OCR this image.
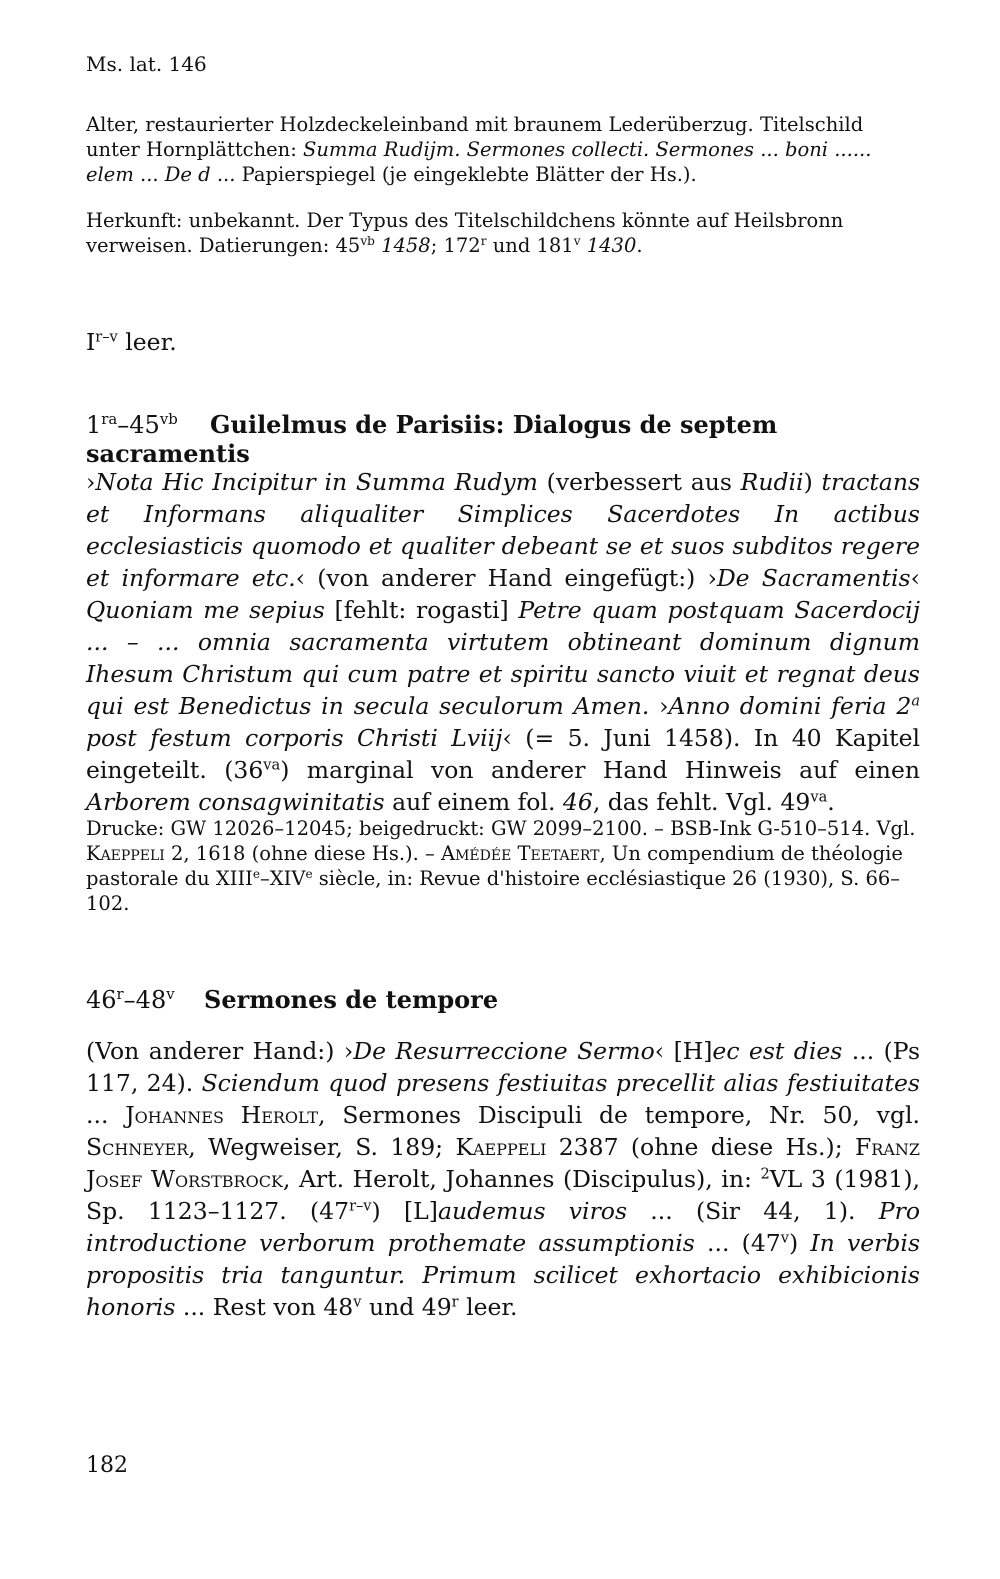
Ms. lat. 146

Alter, restaurierter Holzdeckeleinband mit braunem Lederüberzug. Titelschild unter Hornplättchen: Summa Rudijm. Sermones collecti. Sermones ... boni ...... elem ... De d ... Papierspiegel (je eingeklebte Blätter der Hs.).

Herkunft: unbekannt. Der Typus des Titelschildchens könnte auf Heilsbronn verweisen. Datierungen: $45^{vb}$ 1458; 172$^r$ und 181$^v$ 1430.

$I^{r-v}$ leer.
$1^{ra}-45^{vb}$ Guilelmus de Parisiis: Dialogus de septem sacramentis

›Nota Hic Incipitur in Summa Rudym (verbessert aus Rudii) tractans et Informans aliqualiter Simplices Sacerdotes In actibus ecclesiasticis quomodo et qualiter debeant se et suos subditos regere et informare etc.‹ (von anderer Hand eingefügt:) ›De Sacramentis‹ Quoniam me sepius [fehlt: rogasti] Petre quam postquam Sacerdocij ... – ... omnia sacramenta virtutem obtineant dominum dignum Ihesum Christum qui cum patre et spiritu sancto viuit et regnat deus qui est Benedictus in secula seculorum Amen. ›Anno domini feria 2$^a$ post festum corporis Christi Lviij‹ (= 5. Juni 1458). In 40 Kapitel eingeteilt. $(36^{va})$ marginal von anderer Hand Hinweis auf einen Arborem consagwinitatis auf einem fol. 46, das fehlt. Vgl. $49^{va}$.

Drucke: GW 12026–12045; beigedruckt: GW 2099–2100. – BSB-Ink G-510–514. Vgl. Kaeppeli 2, 1618 (ohne diese Hs.). – Amédée Teetaert, Un compendium de théologie pastorale du XIIIe–XIVe siècle, in: Revue d'histoire ecclésiastique 26 (1930), S. 66–102.

46$^r$–48$^v$ Sermones de tempore

(Von anderer Hand:) ›De Resurreccione Sermo‹ [H]ec est dies ... (Ps 117, 24). Sciendum quod presens festiuitas precellit alias festiuitates ... Johannes Herolt, Sermones Discipuli de tempore, Nr. 50, vgl. Schneyer, Wegweiser, S. 189; Kaeppeli 2387 (ohne diese Hs.); Franz Josef Worstbrock, Art. Herolt, Johannes (Discipulus), in: $^2$VL 3 (1981), Sp. 1123–1127. (47$^{r-v}$) [L]audemus viros ... (Sir 44, 1). Pro introductione verborum prothemate assumptionis ... (47$^v$) In verbis propositis tria tanguntur. Primum scilicet exhortacio exhibicionis honoris ... Rest von 48$^v$ und 49$^r$ leer.

182
